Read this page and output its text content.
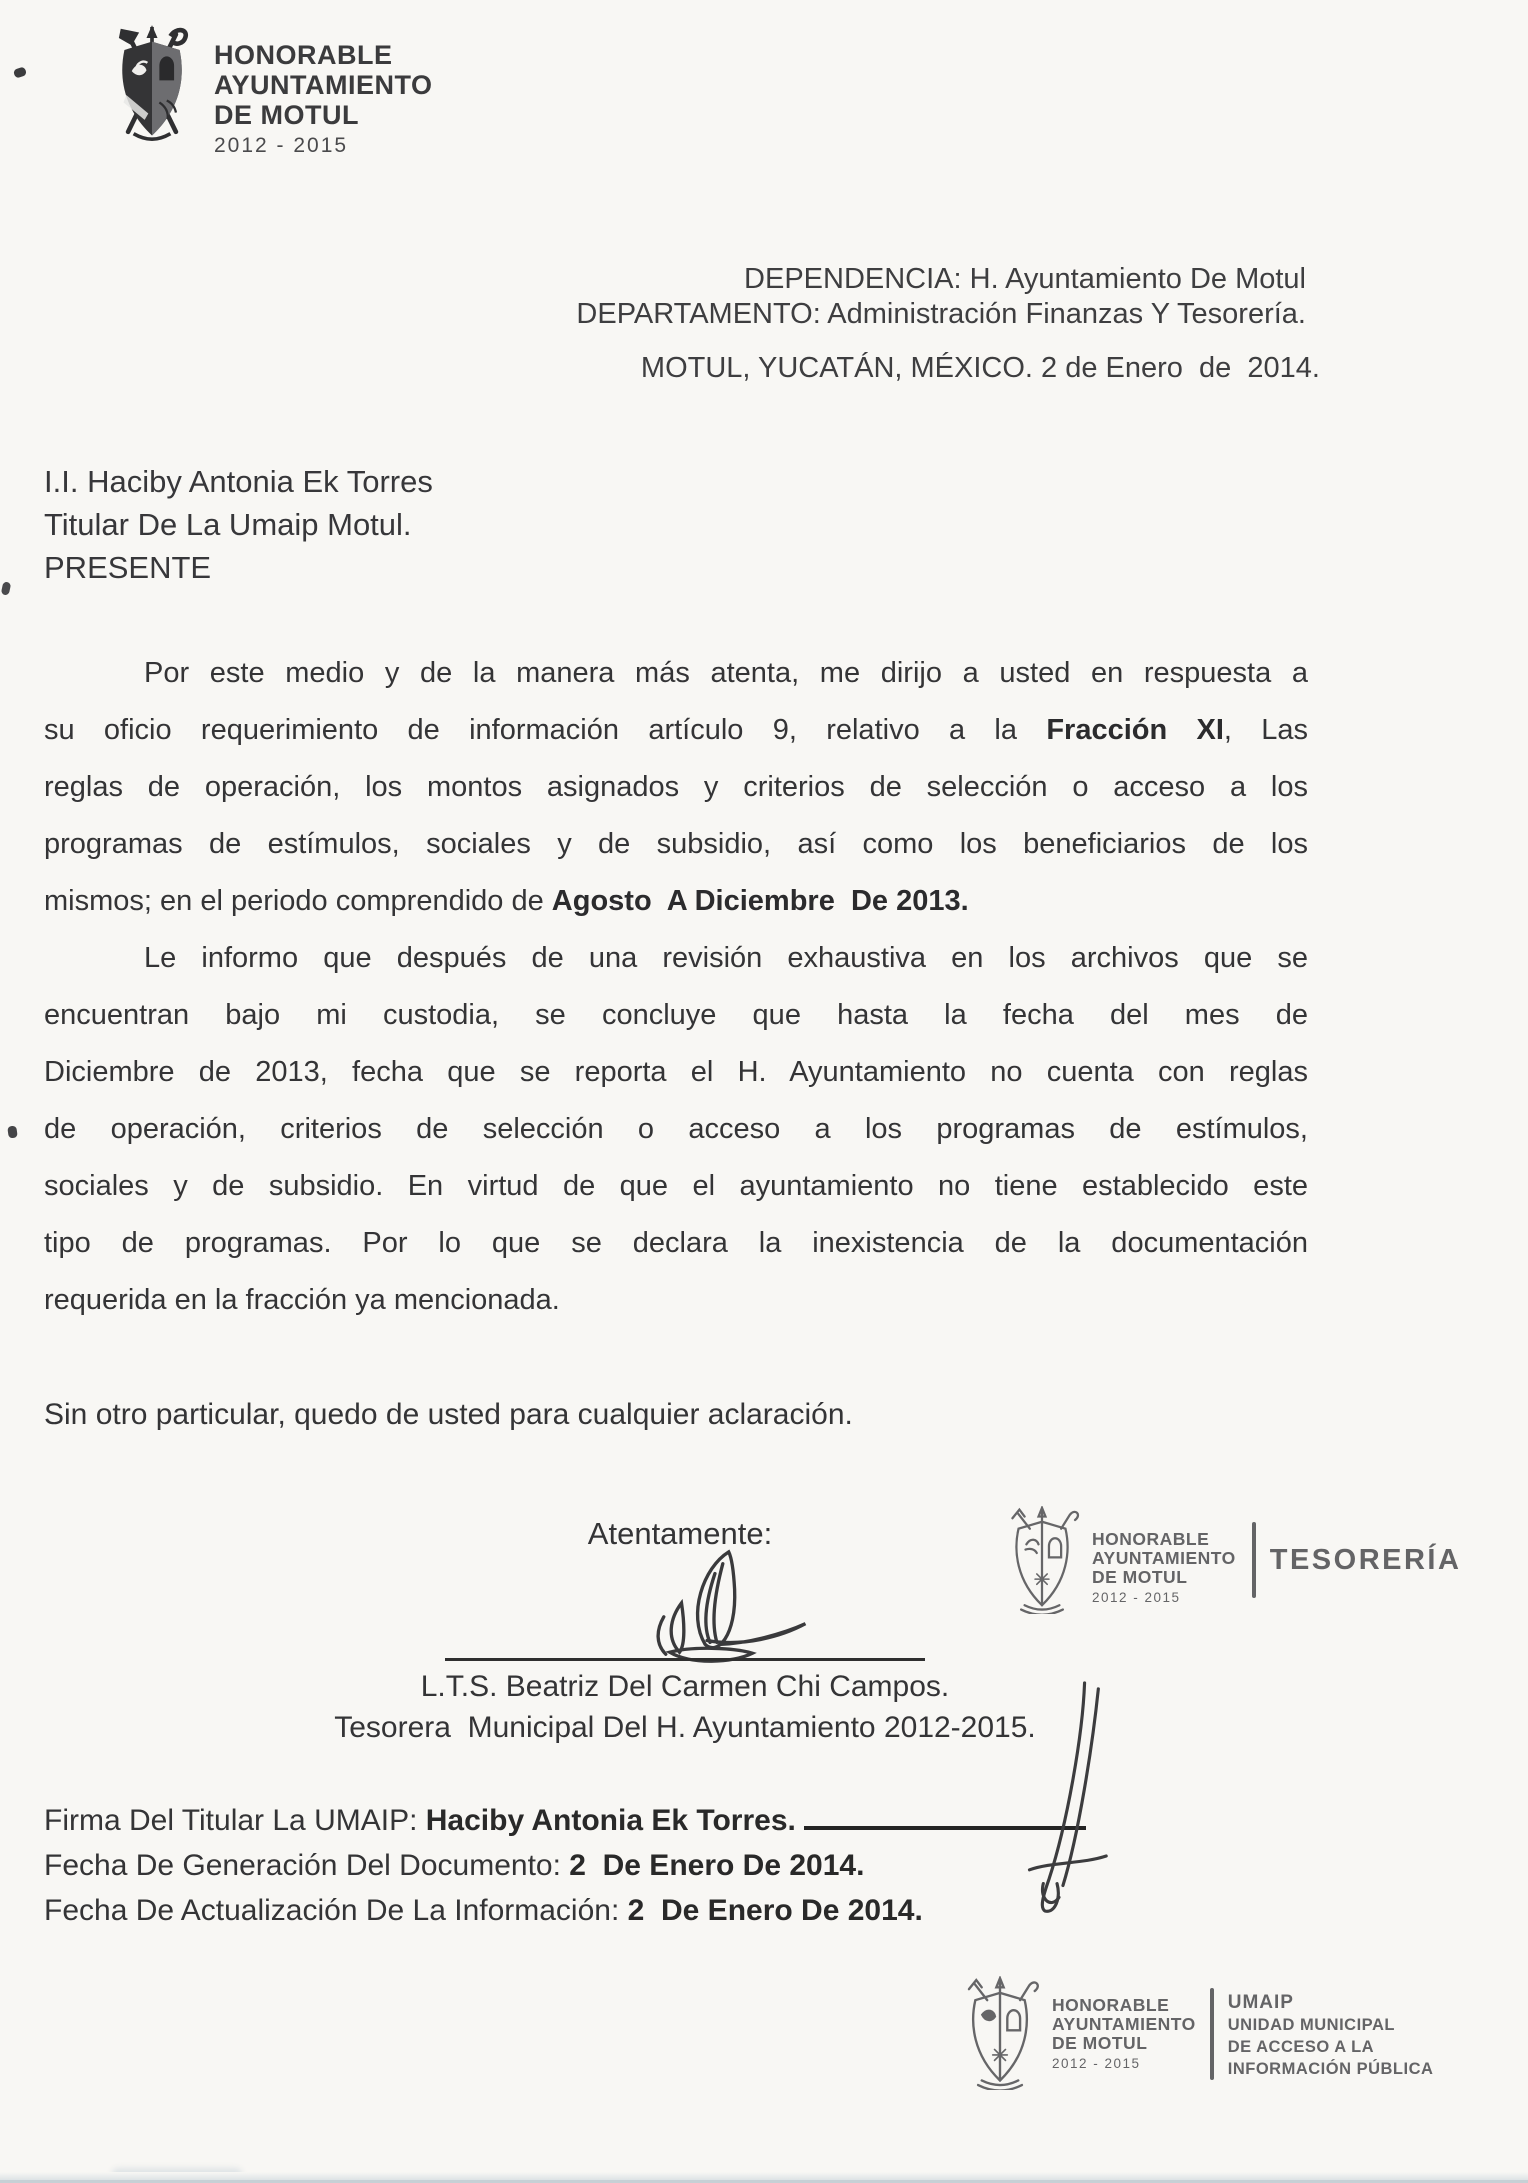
HONORABLE
AYUNTAMIENTO
DE MOTUL
2012 - 2015
DEPENDENCIA: H. Ayuntamiento De Motul
DEPARTAMENTO: Administración Finanzas Y Tesorería.
MOTUL, YUCATÁN, MÉXICO. 2 de Enero  de  2014.
I.I. Haciby Antonia Ek Torres
Titular De La Umaip Motul.
PRESENTE
Por este medio y de la manera más atenta, me dirijo a usted en respuesta a
su oficio requerimiento de información artículo 9, relativo a la Fracción XI, Las
reglas de operación, los montos asignados y criterios de selección o acceso a los
programas de estímulos, sociales y de subsidio, así como los beneficiarios de los
mismos; en el periodo comprendido de Agosto  A Diciembre  De 2013.
Le informo que después de una revisión exhaustiva en los archivos que se
encuentran bajo mi custodia, se concluye que hasta la fecha del mes de
Diciembre de 2013, fecha que se reporta el H. Ayuntamiento no cuenta con reglas
de operación, criterios de selección o acceso a los programas de estímulos,
sociales y de subsidio. En virtud de que el ayuntamiento no tiene establecido este
tipo de programas. Por lo que se declara la inexistencia de la documentación
requerida en la fracción ya mencionada.
Sin otro particular, quedo de usted para cualquier aclaración.
Atentamente:
L.T.S. Beatriz Del Carmen Chi Campos.
Tesorera  Municipal Del H. Ayuntamiento 2012-2015.
HONORABLE
AYUNTAMIENTO
DE MOTUL
2012 - 2015
TESORERÍA
Firma Del Titular La UMAIP: Haciby Antonia Ek Torres.
Fecha De Generación Del Documento: 2  De Enero De 2014.
Fecha De Actualización De La Información: 2  De Enero De 2014.
HONORABLE
AYUNTAMIENTO
DE MOTUL
2012 - 2015
UMAIP
UNIDAD MUNICIPAL
DE ACCESO A LA
INFORMACIÓN PÚBLICA
